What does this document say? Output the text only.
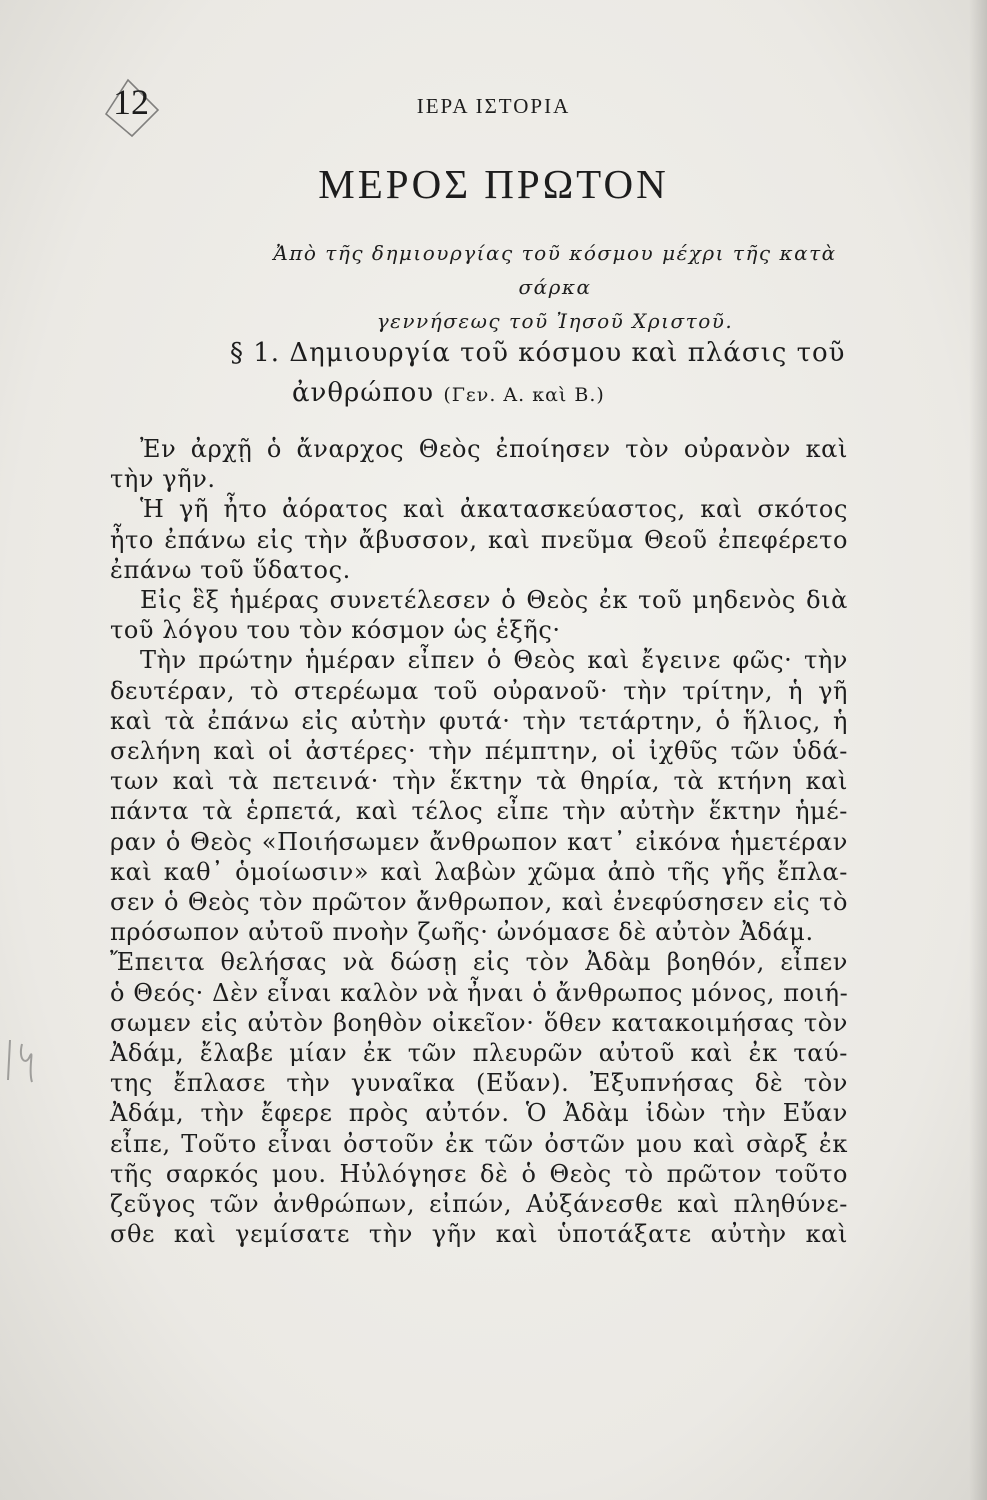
12	ΙΕΡΑ ΙΣΤΟΡΙΑ
ΜΕΡΟΣ ΠΡΩΤΟΝ
Ἀπὸ τῆς δημιουργίας τοῦ κόσμου μέχρι τῆς κατὰ σάρκα
γεννήσεως τοῦ Ἰησοῦ Χριστοῦ.
§ 1. Δημιουργία τοῦ κόσμου καὶ πλάσις τοῦ
ἀνθρώπου (Γεν. Α. καὶ Β.)
Ἐν ἀρχῇ ὁ ἄναρχος Θεὸς ἐποίησεν τὸν οὐρανὸν καὶ
τὴν γῆν.
Ἡ γῆ ἦτο ἀόρατος καὶ ἀκατασκεύαστος, καὶ σκότος
ἦτο ἐπάνω εἰς τὴν ἄβυσσον, καὶ πνεῦμα Θεοῦ ἐπεφέρετο
ἐπάνω τοῦ ὕδατος.
Εἰς ἓξ ἡμέρας συνετέλεσεν ὁ Θεὸς ἐκ τοῦ μηδενὸς διὰ
τοῦ λόγου του τὸν κόσμον ὡς ἑξῆς·
Τὴν πρώτην ἡμέραν εἶπεν ὁ Θεὸς καὶ ἔγεινε φῶς· τὴν
δευτέραν, τὸ στερέωμα τοῦ οὐρανοῦ· τὴν τρίτην, ἡ γῆ
καὶ τὰ ἐπάνω εἰς αὐτὴν φυτά· τὴν τετάρτην, ὁ ἥλιος, ἡ
σελήνη καὶ οἱ ἀστέρες· τὴν πέμπτην, οἱ ἰχθῦς τῶν ὑδά-
των καὶ τὰ πετεινά· τὴν ἕκτην τὰ θηρία, τὰ κτήνη καὶ
πάντα τὰ ἑρπετά, καὶ τέλος εἶπε τὴν αὐτὴν ἕκτην ἡμέ-
ραν ὁ Θεὸς «Ποιήσωμεν ἄνθρωπον κατ᾿ εἰκόνα ἡμετέραν
καὶ καθ᾿ ὁμοίωσιν» καὶ λαβὼν χῶμα ἀπὸ τῆς γῆς ἔπλα-
σεν ὁ Θεὸς τὸν πρῶτον ἄνθρωπον, καὶ ἐνεφύσησεν εἰς τὸ
πρόσωπον αὐτοῦ πνοὴν ζωῆς· ὠνόμασε δὲ αὐτὸν Ἀδάμ.
Ἔπειτα θελήσας νὰ δώσῃ εἰς τὸν Ἀδὰμ βοηθόν, εἶπεν
ὁ Θεός· Δὲν εἶναι καλὸν νὰ ἦναι ὁ ἄνθρωπος μόνος, ποιή-
σωμεν εἰς αὐτὸν βοηθὸν οἰκεῖον· ὅθεν κατακοιμήσας τὸν
Ἀδάμ, ἔλαβε μίαν ἐκ τῶν πλευρῶν αὐτοῦ καὶ ἐκ ταύ-
της ἔπλασε τὴν γυναῖκα (Εὔαν). Ἐξυπνήσας δὲ τὸν
Ἀδάμ, τὴν ἔφερε πρὸς αὐτόν. Ὁ Ἀδὰμ ἰδὼν τὴν Εὔαν
εἶπε, Τοῦτο εἶναι ὀστοῦν ἐκ τῶν ὀστῶν μου καὶ σὰρξ ἐκ
τῆς σαρκός μου. Ηὐλόγησε δὲ ὁ Θεὸς τὸ πρῶτον τοῦτο
ζεῦγος τῶν ἀνθρώπων, εἰπών, Αὐξάνεσθε καὶ πληθύνε-
σθε καὶ γεμίσατε τὴν γῆν καὶ ὑποτάξατε αὐτὴν καὶ
